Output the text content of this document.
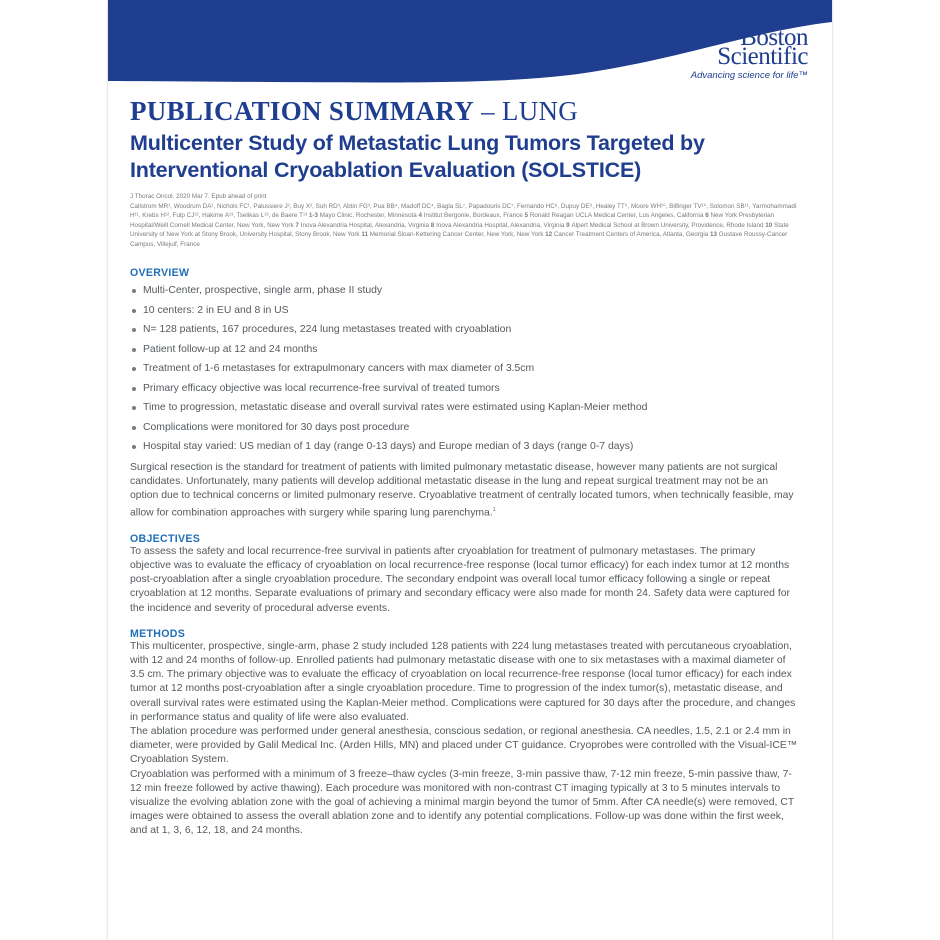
Boston
Scientific
Advancing science for life™
PUBLICATION SUMMARY – LUNG
Multicenter Study of Metastatic Lung Tumors Targeted by Interventional Cryoablation Evaluation (SOLSTICE)
J Thorac Oncol. 2020 Mar 7. Epub ahead of print
Callstrom MR¹, Woodrum DA¹, Nichols FC¹, Palussiere J², Buy X², Suh RD³, Abtin FG³, Pua BB⁴, Madoff DC⁴, Bagla SL⁷, Papadouris DC⁷, Fernando HC⁸, Dupuy DE⁹, Healey TT⁹, Moore WH¹⁰, Bilfinger TV¹⁰, Solomon SB¹¹, Yarmohammadi H¹¹, Krebs H¹², Fulp CJ¹², Hakime A¹³, Tselikas L¹³, de Baere T¹³ 1-3 Mayo Clinic, Rochester, Minnesota 4 Institut Bergonie, Bordeaux, France 5 Ronald Reagan UCLA Medical Center, Los Angeles, California 6 New York Presbyterian Hospital/Weill Cornell Medical Center, New York, New York 7 Inova Alexandria Hospital, Alexandria, Virginia 8 Inova Alexandria Hospital, Alexandria, Virginia 9 Alpert Medical School at Brown University, Providence, Rhode Island 10 State University of New York at Stony Brook, University Hospital, Stony Brook, New York 11 Memorial Sloan-Kettering Cancer Center, New York, New York 12 Cancer Treatment Centers of America, Atlanta, Georgia 13 Gustave Roussy-Cancer Campus, Villejuif, France
OVERVIEW
Multi-Center, prospective, single arm, phase II study
10 centers: 2 in EU and 8 in US
N= 128 patients, 167 procedures, 224 lung metastases treated with cryoablation
Patient follow-up at 12 and 24 months
Treatment of 1-6 metastases for extrapulmonary cancers with max diameter of 3.5cm
Primary efficacy objective was local recurrence-free survival of treated tumors
Time to progression, metastatic disease and overall survival rates were estimated using Kaplan-Meier method
Complications were monitored for 30 days post procedure
Hospital stay varied: US median of 1 day (range 0-13 days) and Europe median of 3 days (range 0-7 days)

Surgical resection is the standard for treatment of patients with limited pulmonary metastatic disease, however many patients are not surgical candidates. Unfortunately, many patients will develop additional metastatic disease in the lung and repeat surgical treatment may not be an option due to technical concerns or limited pulmonary reserve. Cryoablative treatment of centrally located tumors, when technically feasible, may allow for combination approaches with surgery while sparing lung parenchyma.$^1$

OBJECTIVES

To assess the safety and local recurrence-free survival in patients after cryoablation for treatment of pulmonary metastases. The primary objective was to evaluate the efficacy of cryoablation on local recurrence-free response (local tumor efficacy) for each index tumor at 12 months post-cryoablation after a single cryoablation procedure. The secondary endpoint was overall local tumor efficacy following a single or repeat cryoablation at 12 months. Separate evaluations of primary and secondary efficacy were also made for month 24. Safety data were captured for the incidence and severity of procedural adverse events.

METHODS

This multicenter, prospective, single-arm, phase 2 study included 128 patients with 224 lung metastases treated with percutaneous cryoablation, with 12 and 24 months of follow-up. Enrolled patients had pulmonary metastatic disease with one to six metastases with a maximal diameter of 3.5 cm. The primary objective was to evaluate the efficacy of cryoablation on local recurrence-free response (local tumor efficacy) for each index tumor at 12 months post-cryoablation after a single cryoablation procedure. Time to progression of the index tumor(s), metastatic disease, and overall survival rates were estimated using the Kaplan-Meier method. Complications were captured for 30 days after the procedure, and changes in performance status and quality of life were also evaluated.

The ablation procedure was performed under general anesthesia, conscious sedation, or regional anesthesia. CA needles, 1.5, 2.1 or 2.4 mm in diameter, were provided by Galil Medical Inc. (Arden Hills, MN) and placed under CT guidance. Cryoprobes were controlled with the Visual-ICE™ Cryoablation System.

Cryoablation was performed with a minimum of 3 freeze–thaw cycles (3-min freeze, 3-min passive thaw, 7-12 min freeze, 5-min passive thaw, 7-12 min freeze followed by active thawing). Each procedure was monitored with non-contrast CT imaging typically at 3 to 5 minutes intervals to visualize the evolving ablation zone with the goal of achieving a minimal margin beyond the tumor of 5mm. After CA needle(s) were removed, CT images were obtained to assess the overall ablation zone and to identify any potential complications. Follow-up was done within the first week, and at 1, 3, 6, 12, 18, and 24 months.
